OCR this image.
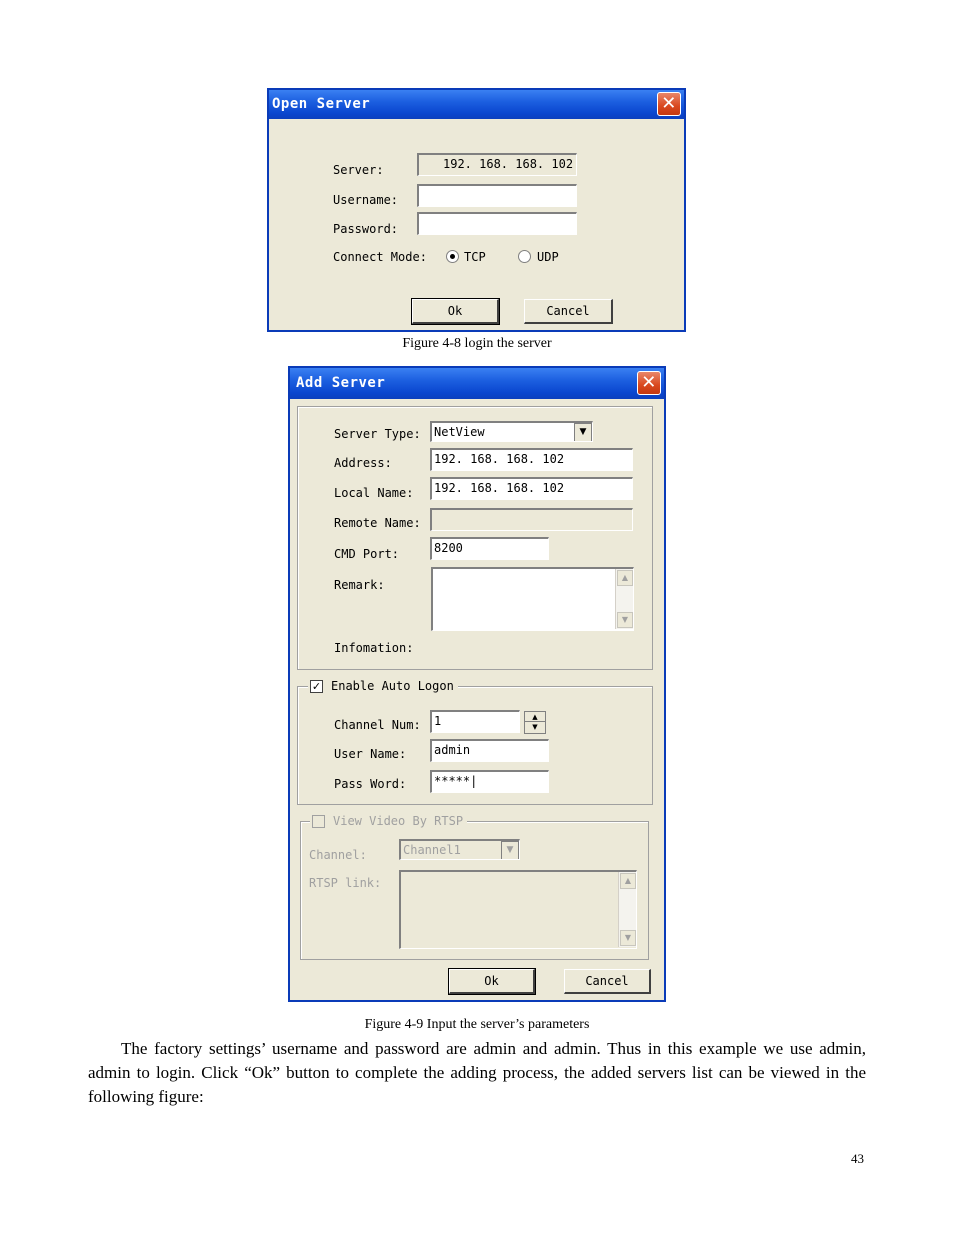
Open Server	✕
Server:	192. 168. 168. 102
Username:
Password:
Connect Mode:	TCP	UDP
Ok	Cancel
Figure 4-8 login the server
Add Server	✕
Server Type:	NetView	▼
Address:	192. 168. 168. 102
Local Name:	192. 168. 168. 102
Remote Name:
CMD Port:	8200
Remark:
▲
▼
Infomation:
✓ Enable Auto Logon
Channel Num:	1	▲
▼
User Name:	admin
Pass Word:	*****|
View Video By RTSP
Channel:	Channel1	▼
RTSP link:	▲
▼
Ok	Cancel
Figure 4-9 Input the server’s parameters
The factory settings’ username and password are admin and admin. Thus in this example we use admin, admin to login. Click “Ok” button to complete the adding process, the added servers list can be viewed in the following figure:
43
